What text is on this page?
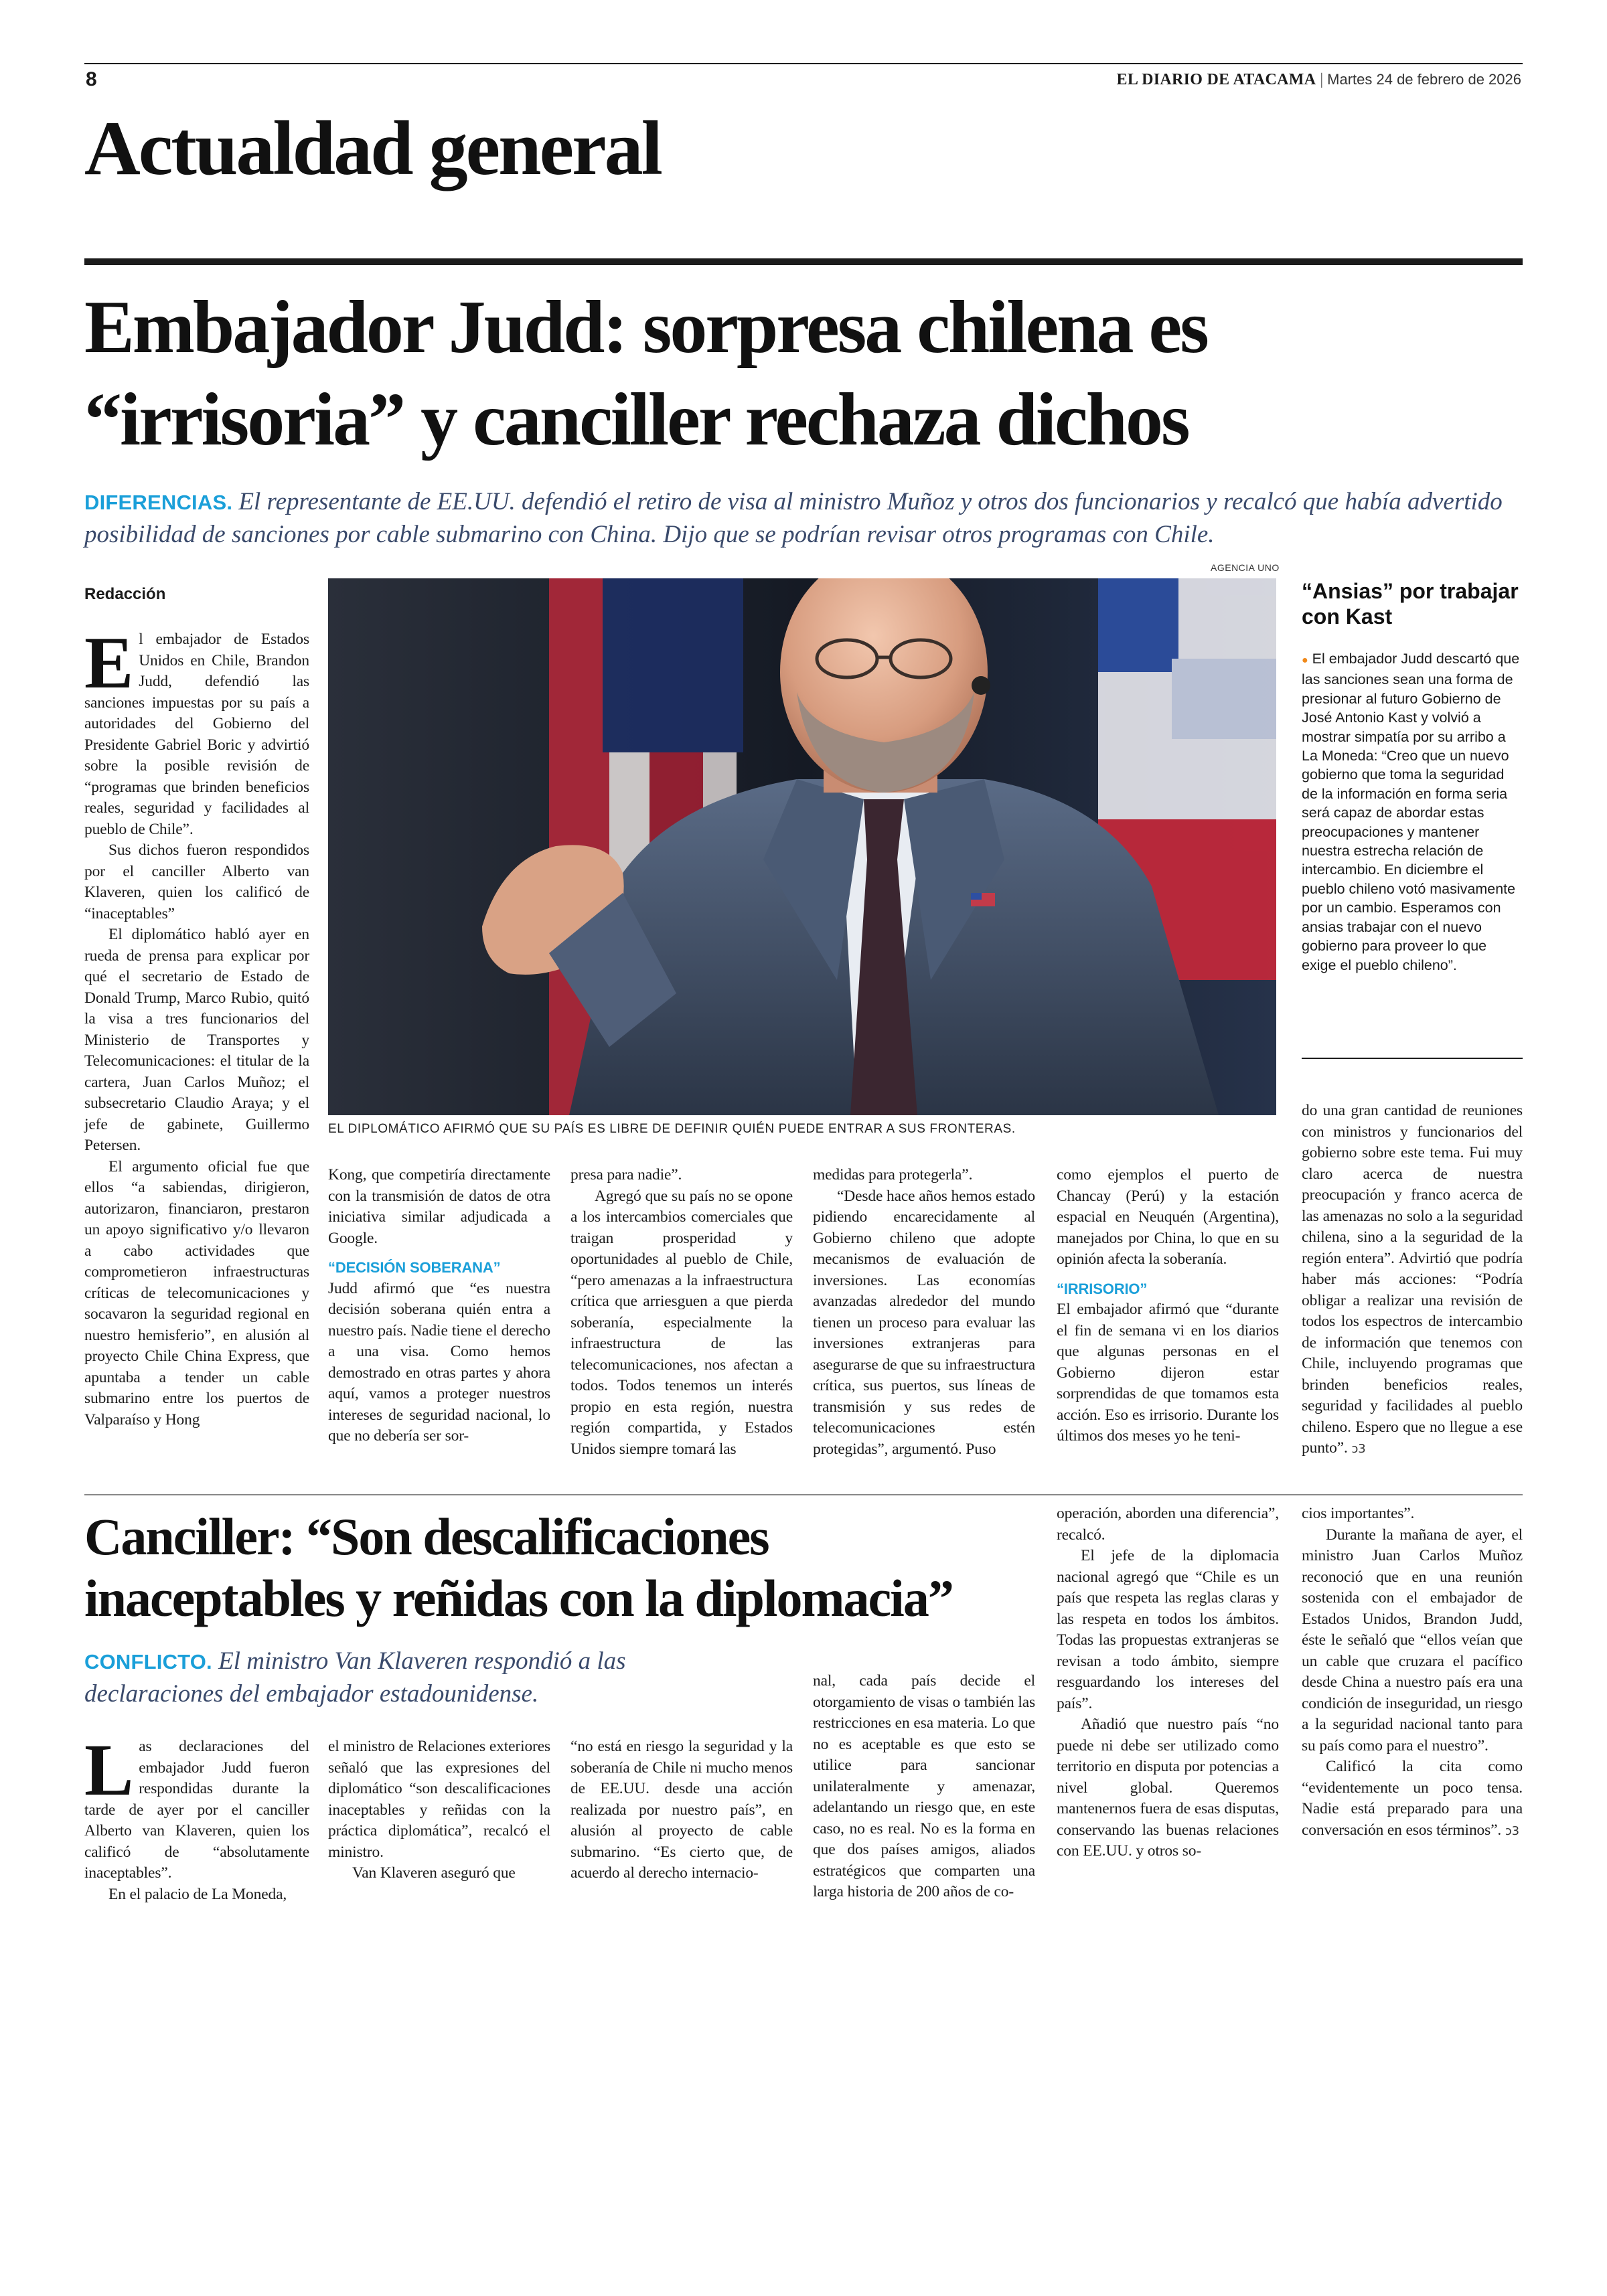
8	EL DIARIO DE ATACAMA | Martes 24 de febrero de 2026
Actualdad general
Embajador Judd: sorpresa chilena es
“irrisoria” y canciller rechaza dichos

DIFERENCIAS. El representante de EE.UU. defendió el retiro de visa al ministro Muñoz y otros dos funcionarios y recalcó que había advertido posibilidad de sanciones por cable submarino con China. Dijo que se podrían revisar otros programas con Chile.

AGENCIA UNO
EL DIPLOMÁTICO AFIRMÓ QUE SU PAÍS ES LIBRE DE DEFINIR QUIÉN PUEDE ENTRAR A SUS FRONTERAS.
Redacción

El embajador de Estados Unidos en Chile, Brandon Judd, defendió las sanciones impuestas por su país a autoridades del Gobierno del Presidente Gabriel Boric y advirtió sobre la posible revisión de “programas que brinden beneficios reales, seguridad y facilidades al pueblo de Chile”.

Sus dichos fueron respondidos por el canciller Alberto van Klaveren, quien los calificó de “inaceptables”

El diplomático habló ayer en rueda de prensa para explicar por qué el secretario de Estado de Donald Trump, Marco Rubio, quitó la visa a tres funcionarios del Ministerio de Transportes y Telecomunicaciones: el titular de la cartera, Juan Carlos Muñoz; el subsecretario Claudio Araya; y el jefe de gabinete, Guillermo Petersen.

El argumento oficial fue que ellos “a sabiendas, dirigieron, autorizaron, financiaron, prestaron un apoyo significativo y/o llevaron a cabo actividades que comprometieron infraestructuras críticas de telecomunicaciones y socavaron la seguridad regional en nuestro hemisferio”, en alusión al proyecto Chile China Express, que apuntaba a tender un cable submarino entre los puertos de Valparaíso y Hong

Kong, que competiría directamente con la transmisión de datos de otra iniciativa similar adjudicada a Google.

“DECISIÓN SOBERANA”

Judd afirmó que “es nuestra decisión soberana quién entra a nuestro país. Nadie tiene el derecho a una visa. Como hemos demostrado en otras partes y ahora aquí, vamos a proteger nuestros intereses de seguridad nacional, lo que no debería ser sor-

presa para nadie”.

Agregó que su país no se opone a los intercambios comerciales que traigan prosperidad y oportunidades al pueblo de Chile, “pero amenazas a la infraestructura crítica que arriesguen a que pierda soberanía, especialmente la infraestructura de las telecomunicaciones, nos afectan a todos. Todos tenemos un interés propio en esta región, nuestra región compartida, y Estados Unidos siempre tomará las

medidas para protegerla”.

“Desde hace años hemos estado pidiendo encarecidamente al Gobierno chileno que adopte mecanismos de evaluación de inversiones. Las economías avanzadas alrededor del mundo tienen un proceso para evaluar las inversiones extranjeras para asegurarse de que su infraestructura crítica, sus puertos, sus líneas de transmisión y sus redes de telecomunicaciones estén protegidas”, argumentó. Puso

como ejemplos el puerto de Chancay (Perú) y la estación espacial en Neuquén (Argentina), manejados por China, lo que en su opinión afecta la soberanía.

“IRRISORIO”

El embajador afirmó que “durante el fin de semana vi en los diarios que algunas personas en el Gobierno dijeron estar sorprendidas de que tomamos esta acción. Eso es irrisorio. Durante los últimos dos meses yo he teni-

do una gran cantidad de reuniones con ministros y funcionarios del gobierno sobre este tema. Fui muy claro acerca de nuestra preocupación y franco acerca de las amenazas no solo a la seguridad chilena, sino a la seguridad de la región entera”. Advirtió que podría haber más acciones: “Podría obligar a realizar una revisión de todos los espectros de intercambio de información que tenemos con Chile, incluyendo programas que brinden beneficios reales, seguridad y facilidades al pueblo chileno. Espero que no llegue a ese punto”. ↄ3

“Ansias” por trabajar con Kast

● El embajador Judd descartó que las sanciones sean una forma de presionar al futuro Gobierno de José Antonio Kast y volvió a mostrar simpatía por su arribo a La Moneda: “Creo que un nuevo gobierno que toma la seguridad de la información en forma seria será capaz de abordar estas preocupaciones y mantener nuestra estrecha relación de intercambio. En diciembre el pueblo chileno votó masivamente por un cambio. Esperamos con ansias trabajar con el nuevo gobierno para proveer lo que exige el pueblo chileno”.

Canciller: “Son descalificaciones
inaceptables y reñidas con la diplomacia”

CONFLICTO. El ministro Van Klaveren respondió a las declaraciones del embajador estadounidense.

Las declaraciones del embajador Judd fueron respondidas durante la tarde de ayer por el canciller Alberto van Klaveren, quien los calificó de “absolutamente inaceptables”.

En el palacio de La Moneda,

el ministro de Relaciones exteriores señaló que las expresiones del diplomático “son descalificaciones inaceptables y reñidas con la práctica diplomática”, recalcó el ministro.

Van Klaveren aseguró que

“no está en riesgo la seguridad y la soberanía de Chile ni mucho menos de EE.UU. desde una acción realizada por nuestro país”, en alusión al proyecto de cable submarino. “Es cierto que, de acuerdo al derecho internacio-

nal, cada país decide el otorgamiento de visas o también las restricciones en esa materia. Lo que no es aceptable es que esto se utilice para sancionar unilateralmente y amenazar, adelantando un riesgo que, en este caso, no es real. No es la forma en que dos países amigos, aliados estratégicos que comparten una larga historia de 200 años de co-

operación, aborden una diferencia”, recalcó.

El jefe de la diplomacia nacional agregó que “Chile es un país que respeta las reglas claras y las respeta en todos los ámbitos. Todas las propuestas extranjeras se revisan a todo ámbito, siempre resguardando los intereses del país”.

Añadió que nuestro país “no puede ni debe ser utilizado como territorio en disputa por potencias a nivel global. Queremos mantenernos fuera de esas disputas, conservando las buenas relaciones con EE.UU. y otros so-

cios importantes”.

Durante la mañana de ayer, el ministro Juan Carlos Muñoz reconoció que en una reunión sostenida con el embajador de Estados Unidos, Brandon Judd, éste le señaló que “ellos veían que un cable que cruzara el pacífico desde China a nuestro país era una condición de inseguridad, un riesgo a la seguridad nacional tanto para su país como para el nuestro”.

Calificó la cita como “evidentemente un poco tensa. Nadie está preparado para una conversación en esos términos”. ↄ3
